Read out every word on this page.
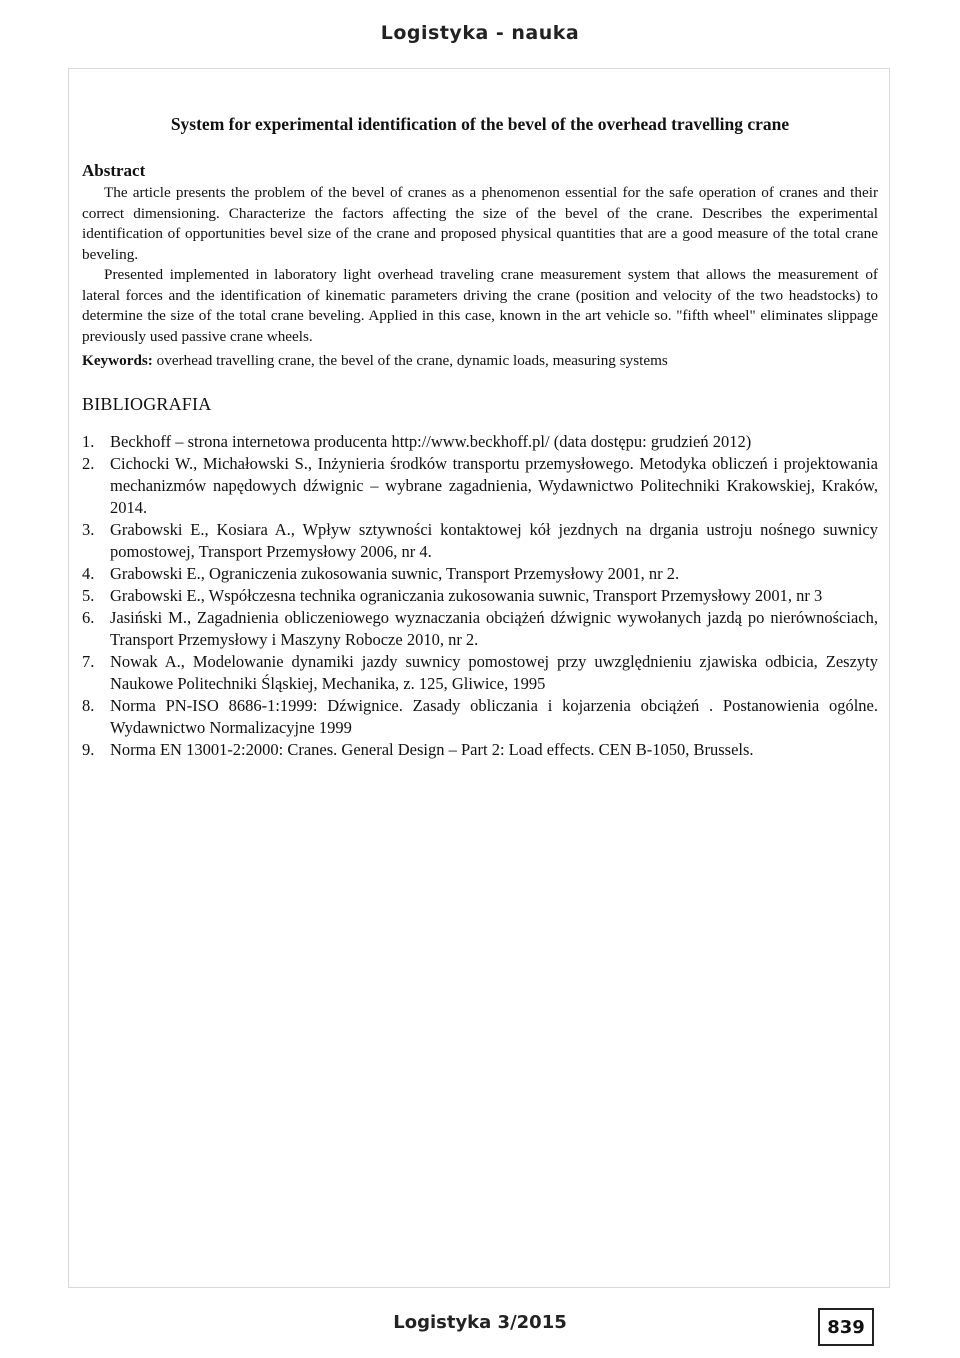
Logistyka - nauka
System for experimental identification of the bevel of the overhead travelling crane
Abstract

The article presents the problem of the bevel of cranes as a phenomenon essential for the safe operation of cranes and their correct dimensioning. Characterize the factors affecting the size of the bevel of the crane. Describes the experimental identification of opportunities bevel size of the crane and proposed physical quantities that are a good measure of the total crane beveling.

Presented implemented in laboratory light overhead traveling crane measurement system that allows the measurement of lateral forces and the identification of kinematic parameters driving the crane (position and velocity of the two headstocks) to determine the size of the total crane beveling. Applied in this case, known in the art vehicle so. "fifth wheel" eliminates slippage previously used passive crane wheels.

Keywords: overhead travelling crane, the bevel of the crane, dynamic loads, measuring systems

BIBLIOGRAFIA
1. Beckhoff – strona internetowa producenta http://www.beckhoff.pl/ (data dostępu: grudzień 2012)
2. Cichocki W., Michałowski S., Inżynieria środków transportu przemysłowego. Metodyka obliczeń i projektowania mechanizmów napędowych dźwignic – wybrane zagadnienia, Wydawnictwo Politechniki Krakowskiej, Kraków, 2014.
3. Grabowski E., Kosiara A., Wpływ sztywności kontaktowej kół jezdnych na drgania ustroju nośnego suwnicy pomostowej, Transport Przemysłowy 2006, nr 4.
4. Grabowski E., Ograniczenia zukosowania suwnic, Transport Przemysłowy 2001, nr 2.
5. Grabowski E., Współczesna technika ograniczania zukosowania suwnic, Transport Przemysłowy 2001, nr 3
6. Jasiński M., Zagadnienia obliczeniowego wyznaczania obciążeń dźwignic wywołanych jazdą po nierównościach, Transport Przemysłowy i Maszyny Robocze 2010, nr 2.
7. Nowak A., Modelowanie dynamiki jazdy suwnicy pomostowej przy uwzględnieniu zjawiska odbicia, Zeszyty Naukowe Politechniki Śląskiej, Mechanika, z. 125, Gliwice, 1995
8. Norma PN-ISO 8686-1:1999: Dźwignice. Zasady obliczania i kojarzenia obciążeń . Postanowienia ogólne. Wydawnictwo Normalizacyjne 1999
9. Norma EN 13001-2:2000: Cranes. General Design – Part 2: Load effects. CEN B-1050, Brussels.
Logistyka 3/2015	839
